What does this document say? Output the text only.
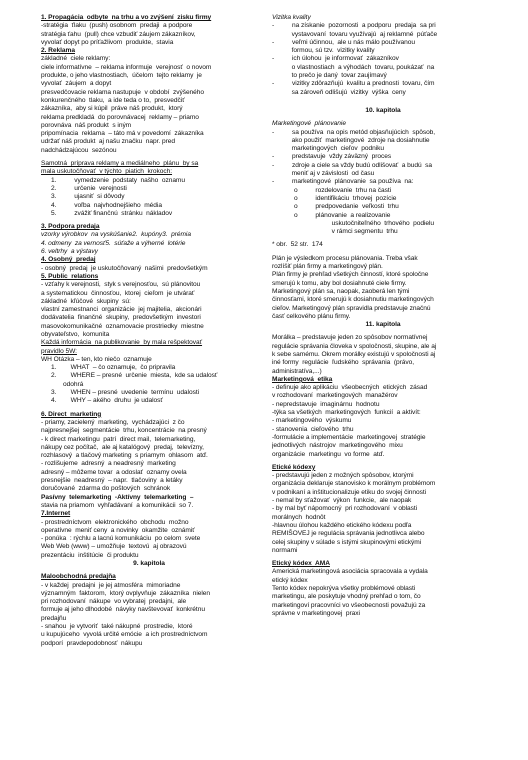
1. Propagácia  odbyte  na trhu a vo zvýšení  zisku firmy
-stratégia  ťlaku  (push) osobnom  predaji  a podpore
stratégia ťahu  (pull) chce vzbudiť záujem zákazníkov,
vyvolať dopyt po príťažlivom  produkte,  stavia
2. Reklama
základné  ciele reklamy:
ciele informatívne  – reklama informuje  verejnosť  o novom
produkte, o jeho vlastnostiach,  účelom  tejto reklamy  je
vyvolať  záujem  a dopyt
presvedčovacie reklama nastupuje  v období  zvýšeného
konkurenčného  tlaku,  a ide teda o to,  presvedčiť
zákazníka,  aby si kúpil  práve náš produkt,  ktorý
reklama predkladá  do porovnávacej  reklamy – priamo
porovnáva  náš produkt  s iným
pripomínacia  reklama  – táto má v povedomí  zákazníka
udržať náš produkt  aj našu značku  napr. pred
nadchádzajúcou  sezónou
Samotná  príprava reklamy a mediálneho  plánu  by sa
mala uskutočňovať  v týchto  piatich  krokoch:
1.          vymedzenie  podstaty  našho  oznamu
2.          určenie  verejnosti
3.          ujasniť  si dôvody
4.          voľba  najvhodnejšieho  média
5.          zvážiť finančnú  stránku  nákladov
3. Podpora predaja
vzorky výrobkov  na vyskúšanie2.  kupóny3.  prémia
4. odmeny  za vernosť5.  súťaže a výherné  lotérie
6. veltrhy  a výstavy
4. Osobný  predaj
- osobný  predaj  je uskutočňovaný  našimi  predovšetkým
5. Public  relations
- vzťahy k verejnosti,  styk s verejnosťou,  sú plánovitou
a systematickou  činnosťou,  ktorej  cieľom  je utvárať
základné  kľúčové  skupiny  sú:
vlastní zamestnanci  organizácie  jej majitelia,  akcionári
dodávatelia  finančné  skupiny,  predovšetkým  investori
masovokomunikačné  oznamovacie prostriedky  miestne
obyvateľstvo,  komunita
Každá informácia  na publikovanie  by mala rešpektovať
pravidlo 5W:
WH Otázka – ten, kto niečo  oznamuje
1.        WHAT  – čo oznamuje,  čo pripravila
2.        WHERE – presné  určenie  miesta,  kde sa udalosť
odohrá
3.        WHEN – presné  uvedenie  termínu  udalosti
4.        WHY – akého  druhu  je udalosť
6. Direct  marketing
- priamy, zacielený  marketing,  vychádzajúci  z čo
najpresnejšej  segmentácie  trhu, koncentrácie  na presný
- k direct marketingu  patrí  direct mail,  telemarketing,
nákupy cez počítač,  ale aj katalógový  predaj,  televízny,
rozhlasový  a tlačový marketing  s priamym  ohlasom  atď.
- rozlišujeme  adresný  a neadresný  marketing
adresný – môžeme tovar  a odoslať  oznamy ovela
presnejšie  neadresný  – napr.  tlačoviny  a letáky
doručované  zdarma do poštových  schránok
Pasívny  telemarketing  -Aktívny  telemarketing  –
stavia na priamom  vyhľadávaní  a komunikácii  so 7.
7.Internet
- prostredníctvom  elektronického  obchodu  možno
operatívne  meniť ceny  a novinky  okamžite  oznámiť
- ponúka  : rýchlu a lacnú komunikáciu  po celom  svete
Web Web (www) – umožňuje  textovú  aj obrazovú
prezentáciu  inštitúcie  či produktu
9. kapitola
Maloobchodná predajňa
- v každej  predajni  je jej atmosféra  mimoriadne
významným  faktorom,  ktorý ovplyvňuje  zákazníka  nielen
pri rozhodovaní  nákupe  vo vybratej  predajni,  ale
formuje aj jeho dlhodobé  návyky navštevovať  konkrétnu
predajňu
- snahou  je vytvoriť  také nákupné  prostredie,  ktoré
u kupujúceho  vyvolá určité emócie  a ich prostredníctvom
podporí  pravdepodobnosť  nákupu
Vizitka kvality
-          na získanie  pozornosti  a podporu  predaja  sa pri
vystavovaní  tovaru využívajú  aj reklamné  púťače
-          veľmi účinnou,  ale u nás málo používanou
formou, sú tzv.  vizitky kvality
-          ich úlohou  je informovať  zákazníkov
o vlastnostiach  a výhodách  tovaru, poukázať  na
to prečo je daný  tovar zaujímavý
-          vizitky zdôrazňujú  kvalitu a prednosti  tovaru, čím
sa zároveň odlišujú  vizitky  výška  ceny
10. kapitola
Marketingové  plánovanie
-          sa používa  na opis metód objasňujúcich  spôsob,
ako použiť  marketingové  zdroje na dosiahnutie
marketingových  cieľov  podniku
-          predstavuje  vždy záväzný  proces
-          zdroje a ciele sa vždy budú odlišovať  a budú  sa
meniť aj v závislosti  od času
-          marketingové  plánovanie  sa používa  na:
o          rozdelovanie  trhu na časti
o          identifikáciu  trhovej  pozície
o          predpovedanie  veľkosti  trhu
o          plánovanie  a realizovanie
uskutočniteľného  trhového  podielu
v rámci segmentu  trhu
* obr.  52 str.  174
Plán je výsledkom procesu plánovania. Treba však
rozlíšiť plán firmy a marketingový plán.
Plán firmy je prehľad všetkých činností, ktoré spoločne
smerujú k tomu, aby bol dosiahnuté ciele firmy.
Marketingový plán sa, naopak, zaoberá len tými
činnosťami, ktoré smerujú k dosiahnutiu marketingových
cieľov. Marketingový plán spravidla predstavuje značnú
časť celkového plánu firmy.
11. kapitola
Morálka – predstavuje jeden zo spôsobov normatívnej
regulácie správania človeka v spoločnosti, skupine, ale aj
k sebe samému. Okrem morálky existujú v spoločnosti aj
iné formy  regulácie  ľudského  správania  (právo,
administratíva,...)
Marketingová  etika
- definuje ako aplikáciu  všeobecných  etických  zásad
v rozhodovaní  marketingových  manažérov
- nepredstavuje  imaginárnu  hodnotu
-týka sa všetkých  marketingových  funkcií  a aktivít:
- marketingového  výskumu
- stanovenia  cieľového  trhu
-formulácie a implementácie  marketingovej  stratégie
jednotlivých  nástrojov  marketingového  mixu
organizácie  marketingu  vo forme  atď.
Etické kódexy
- predstavujú jeden z možných spôsobov, ktorými
organizácia deklaruje stanovisko k morálnym problémom
v podnikaní a inštitucionalizuje etiku do svojej činnosti
- nemal by sťažovať  výkon  funkcie,  ale naopak
- by mal byť nápomocný  pri rozhodovaní  v oblasti
morálnych  hodnôt
-hlavnou úlohou každého etického kódexu podľa
REMIŠOVEJ je regulácia správania jednotlivca alebo
celej skupiny v súlade s istými skupinovými etickými
normami
Etický kódex  AMA
Americká marketingová asociácia spracovala a vydala
etický kódex
Tento kódex nepokrýva všetky problémové oblasti
marketingu, ale poskytuje vhodný prehľad o tom, čo
marketingoví pracovníci vo všeobecnosti považujú za
správne v marketingovej  praxi
